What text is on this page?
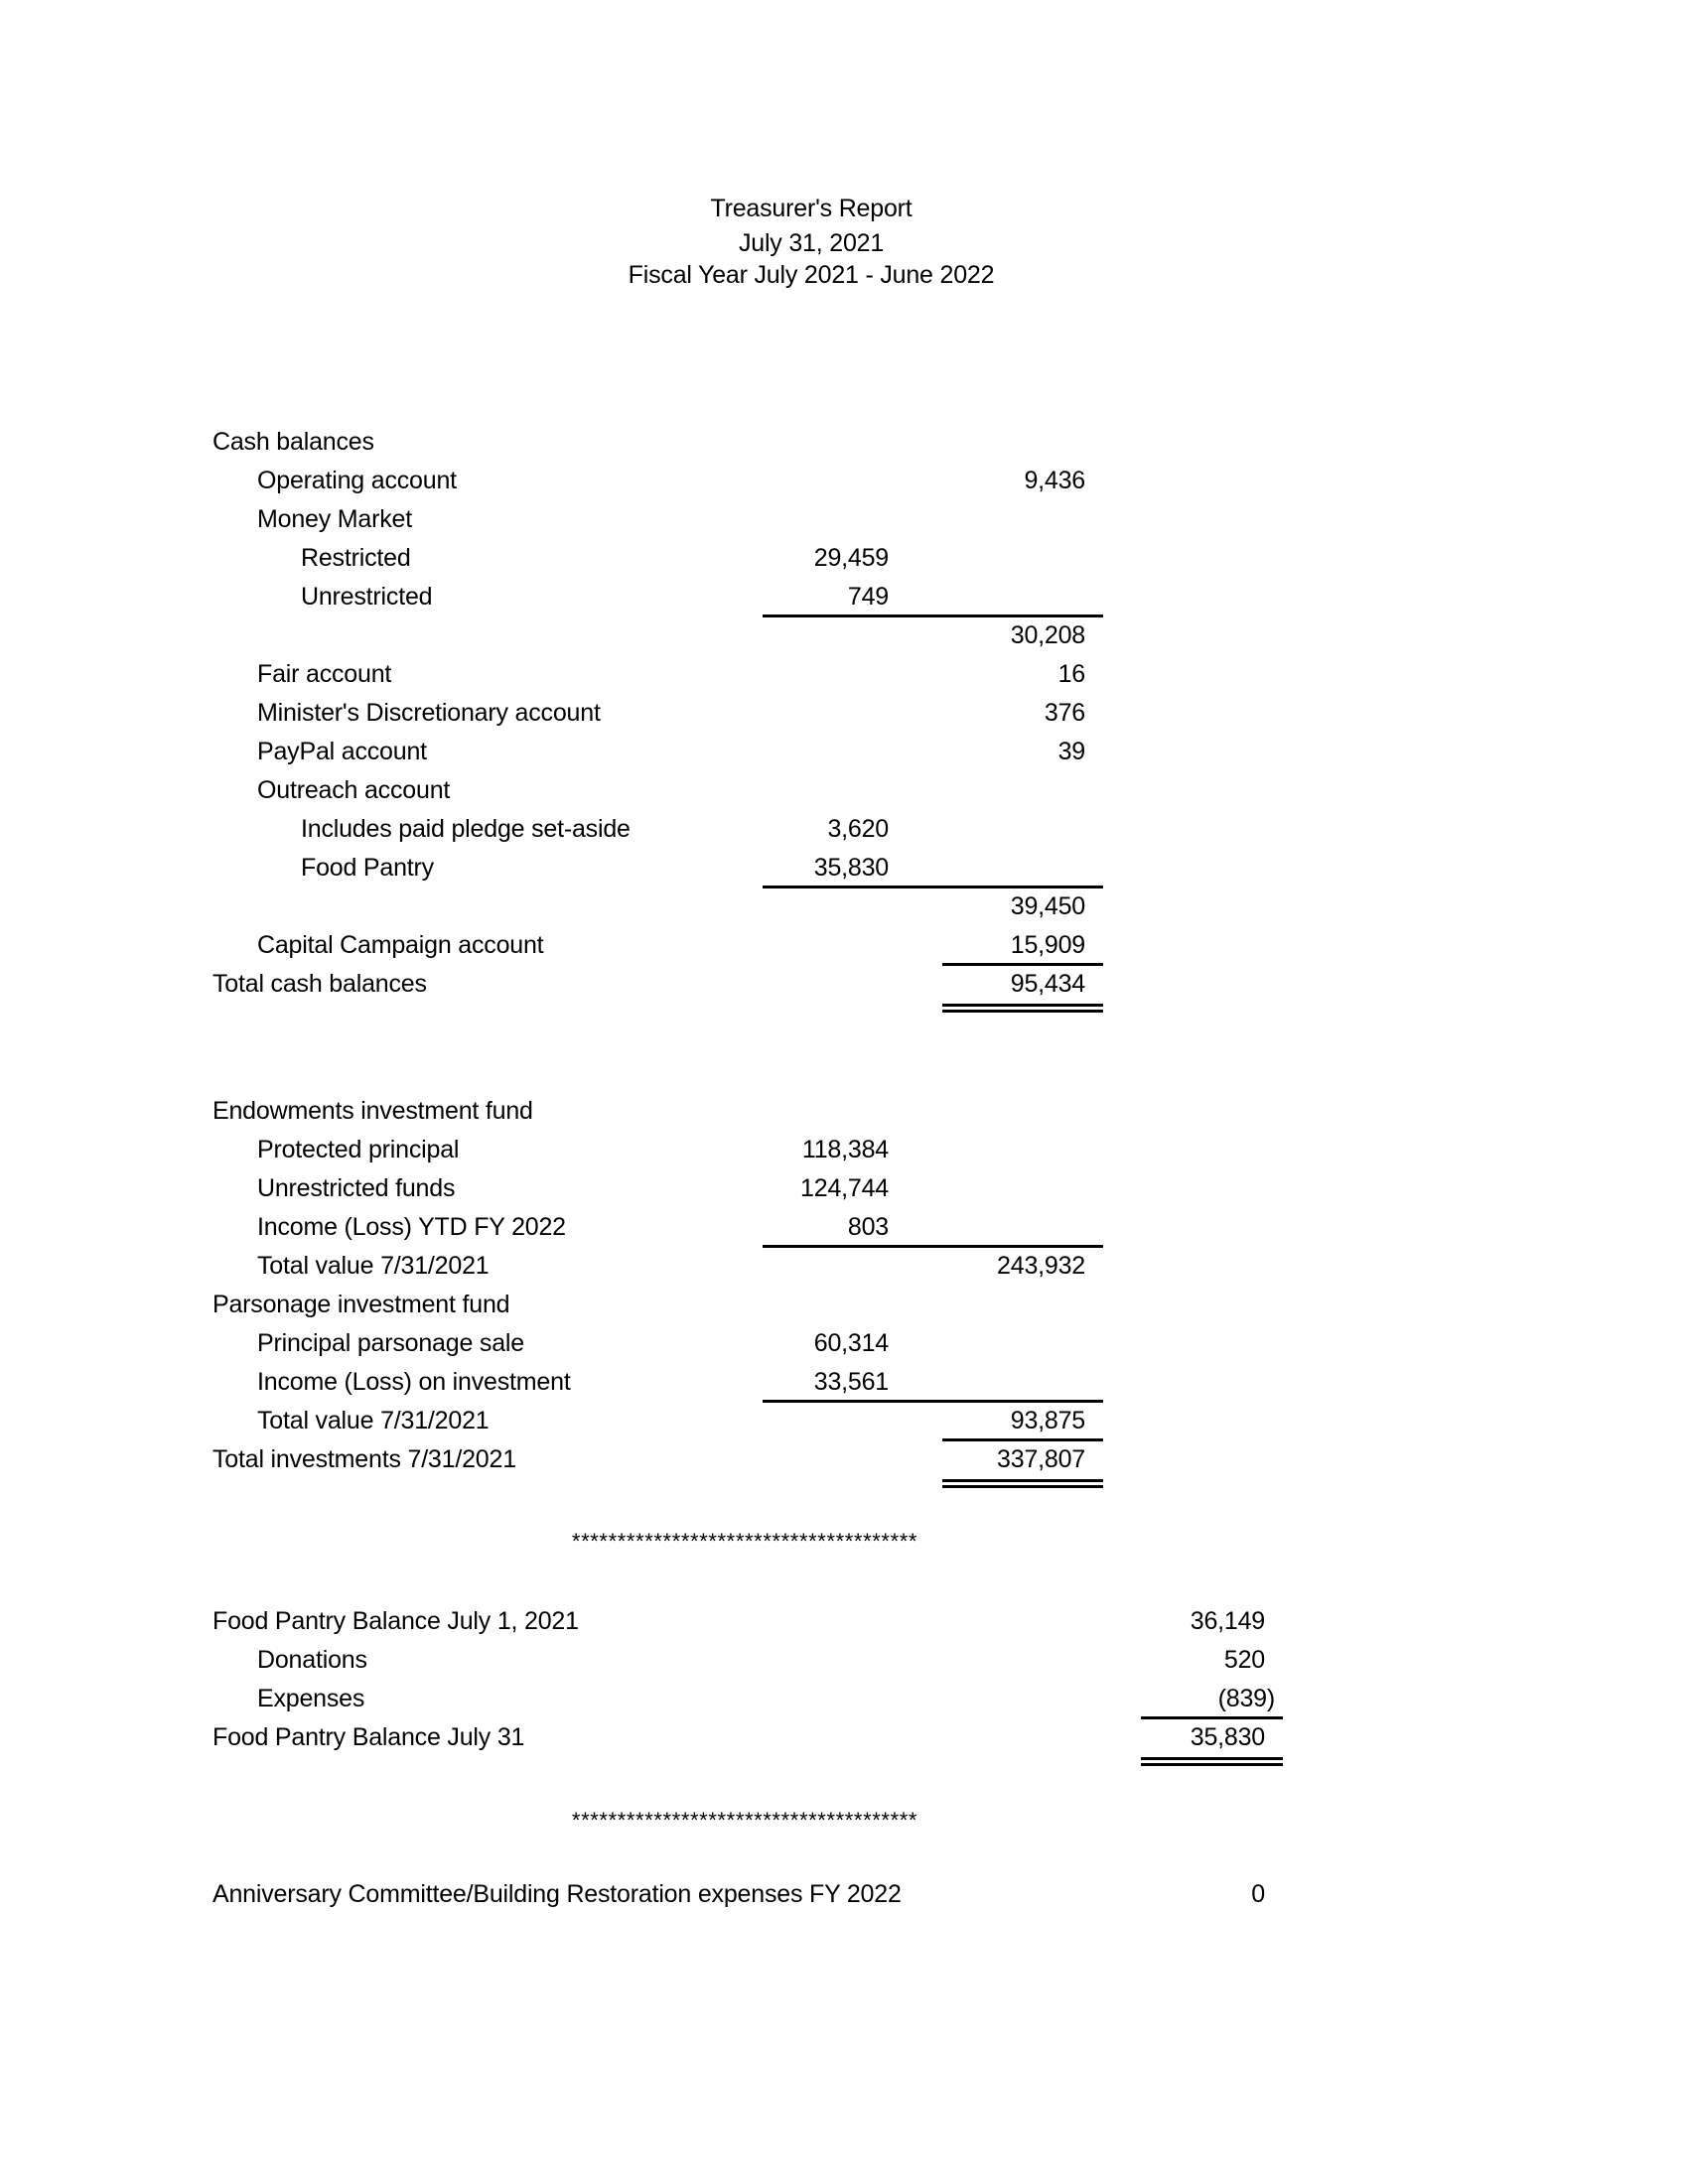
Treasurer's Report
July 31, 2021
Fiscal Year July 2021 - June 2022
Cash balances
Operating account	9,436
Money Market
Restricted	29,459
Unrestricted	749
30,208
Fair account	16
Minister's Discretionary account	376
PayPal account	39
Outreach account
Includes paid pledge set-aside	3,620
Food Pantry	35,830
39,450
Capital Campaign account	15,909
Total cash balances	95,434
Endowments investment fund
Protected principal	118,384
Unrestricted funds	124,744
Income (Loss) YTD FY 2022	803
Total value 7/31/2021	243,932
Parsonage investment fund
Principal parsonage sale	60,314
Income (Loss) on investment	33,561
Total value 7/31/2021	93,875
Total investments 7/31/2021	337,807
**************************************
Food Pantry Balance July 1, 2021	36,149
Donations	520
Expenses	(839)
Food Pantry Balance July 31	35,830
**************************************
Anniversary Committee/Building Restoration expenses FY 2022	0
